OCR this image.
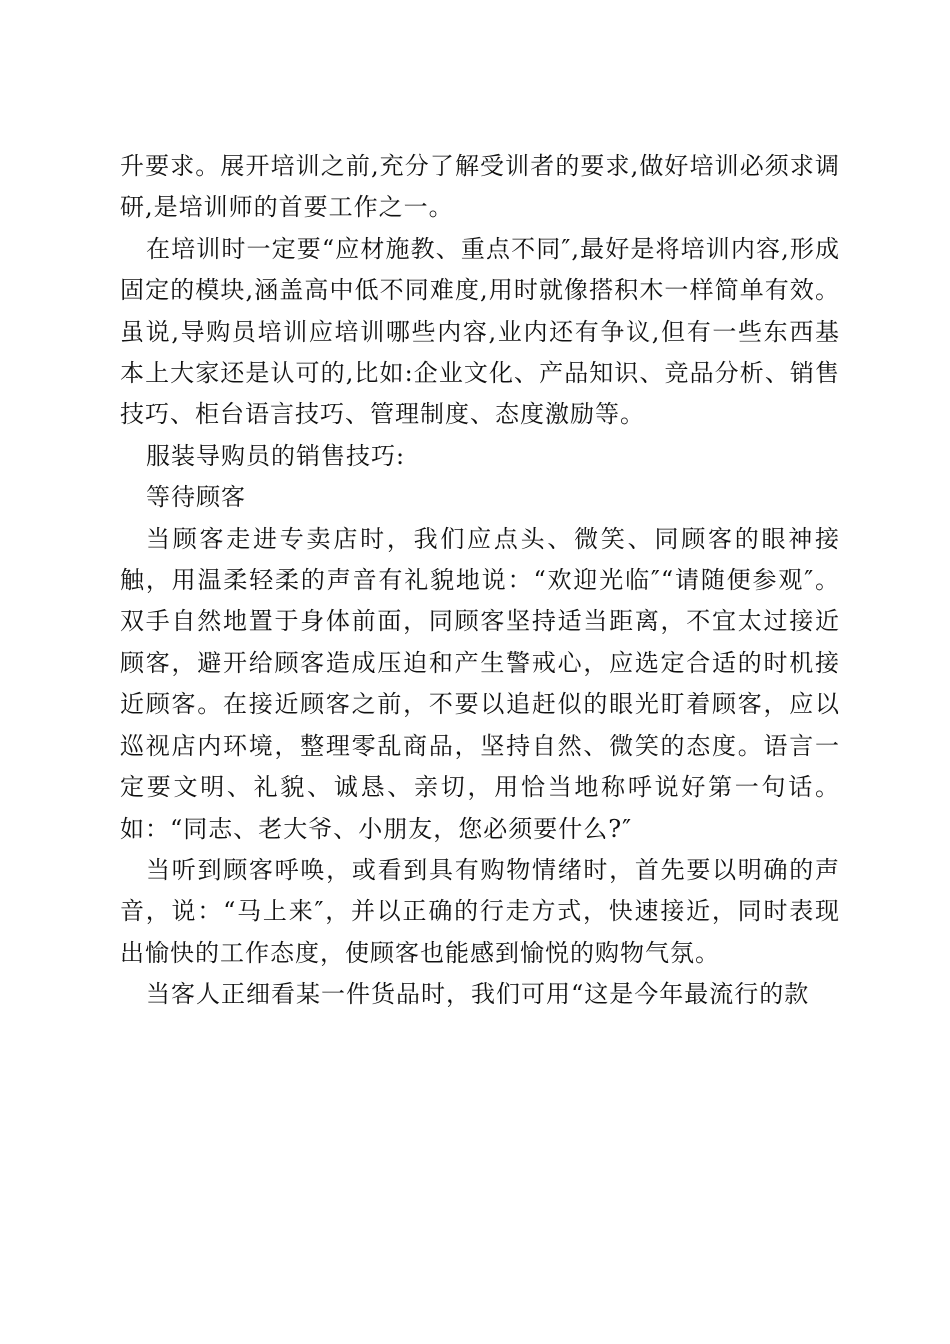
升要求。展开培训之前,充分了解受训者的要求,做好培训必须求调研,是培训师的首要工作之一。

在培训时一定要“应材施教、重点不同″,最好是将培训内容,形成固定的模块,涵盖高中低不同难度,用时就像搭积木一样简单有效。虽说,导购员培训应培训哪些内容,业内还有争议,但有一些东西基本上大家还是认可的,比如:企业文化、产品知识、竞品分析、销售技巧、柜台语言技巧、管理制度、态度激励等。

服装导购员的销售技巧:

等待顾客

当顾客走进专卖店时，我们应点头、微笑、同顾客的眼神接触，用温柔轻柔的声音有礼貌地说：“欢迎光临″“请随便参观″。双手自然地置于身体前面，同顾客坚持适当距离，不宜太过接近顾客，避开给顾客造成压迫和产生警戒心，应选定合适的时机接近顾客。在接近顾客之前，不要以追赶似的眼光盯着顾客，应以巡视店内环境，整理零乱商品，坚持自然、微笑的态度。语言一定要文明、礼貌、诚恳、亲切，用恰当地称呼说好第一句话。如：“同志、老大爷、小朋友，您必须要什么?″

当听到顾客呼唤，或看到具有购物情绪时，首先要以明确的声音，说：“马上来″，并以正确的行走方式，快速接近，同时表现出愉快的工作态度，使顾客也能感到愉悦的购物气氛。

当客人正细看某一件货品时，我们可用“这是今年最流行的款
